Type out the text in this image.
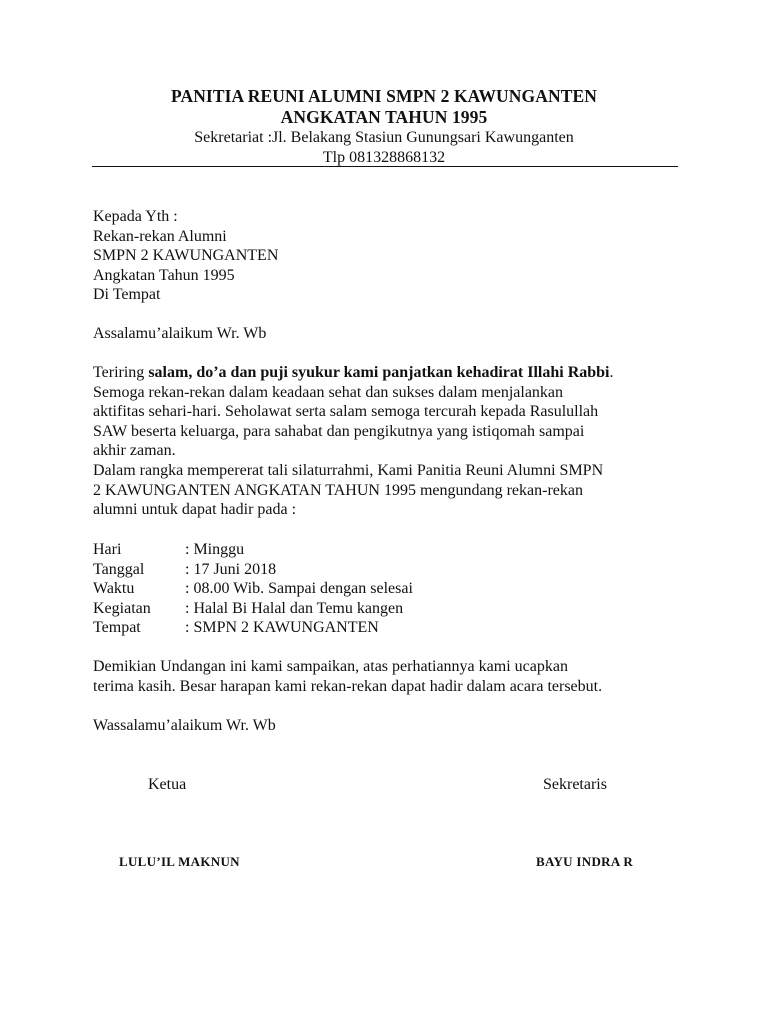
PANITIA REUNI ALUMNI SMPN 2 KAWUNGANTEN
ANGKATAN TAHUN 1995
Sekretariat :Jl. Belakang Stasiun Gunungsari Kawunganten
Tlp 081328868132
Kepada Yth :
Rekan-rekan Alumni
SMPN 2 KAWUNGANTEN
Angkatan Tahun 1995
Di Tempat
Assalamu’alaikum Wr. Wb
Teriring salam, do’a dan puji syukur kami panjatkan kehadirat Illahi Rabbi.
Semoga rekan-rekan dalam keadaan sehat dan sukses dalam menjalankan
aktifitas sehari-hari. Seholawat serta salam semoga tercurah kepada Rasulullah
SAW beserta keluarga, para sahabat dan pengikutnya yang istiqomah sampai
akhir zaman.
Dalam rangka mempererat tali silaturrahmi, Kami Panitia Reuni Alumni SMPN
2 KAWUNGANTEN ANGKATAN TAHUN 1995 mengundang rekan-rekan
alumni untuk dapat hadir pada :
Hari	: Minggu
Tanggal	: 17 Juni 2018
Waktu	: 08.00 Wib. Sampai dengan selesai
Kegiatan : Halal Bi Halal dan Temu kangen
Tempat	: SMPN 2 KAWUNGANTEN
Demikian Undangan ini kami sampaikan, atas perhatiannya kami ucapkan
terima kasih. Besar harapan kami rekan-rekan dapat hadir dalam acara tersebut.
Wassalamu’alaikum Wr. Wb
Ketua	Sekretaris
LULU’IL MAKNUN	BAYU INDRA R
